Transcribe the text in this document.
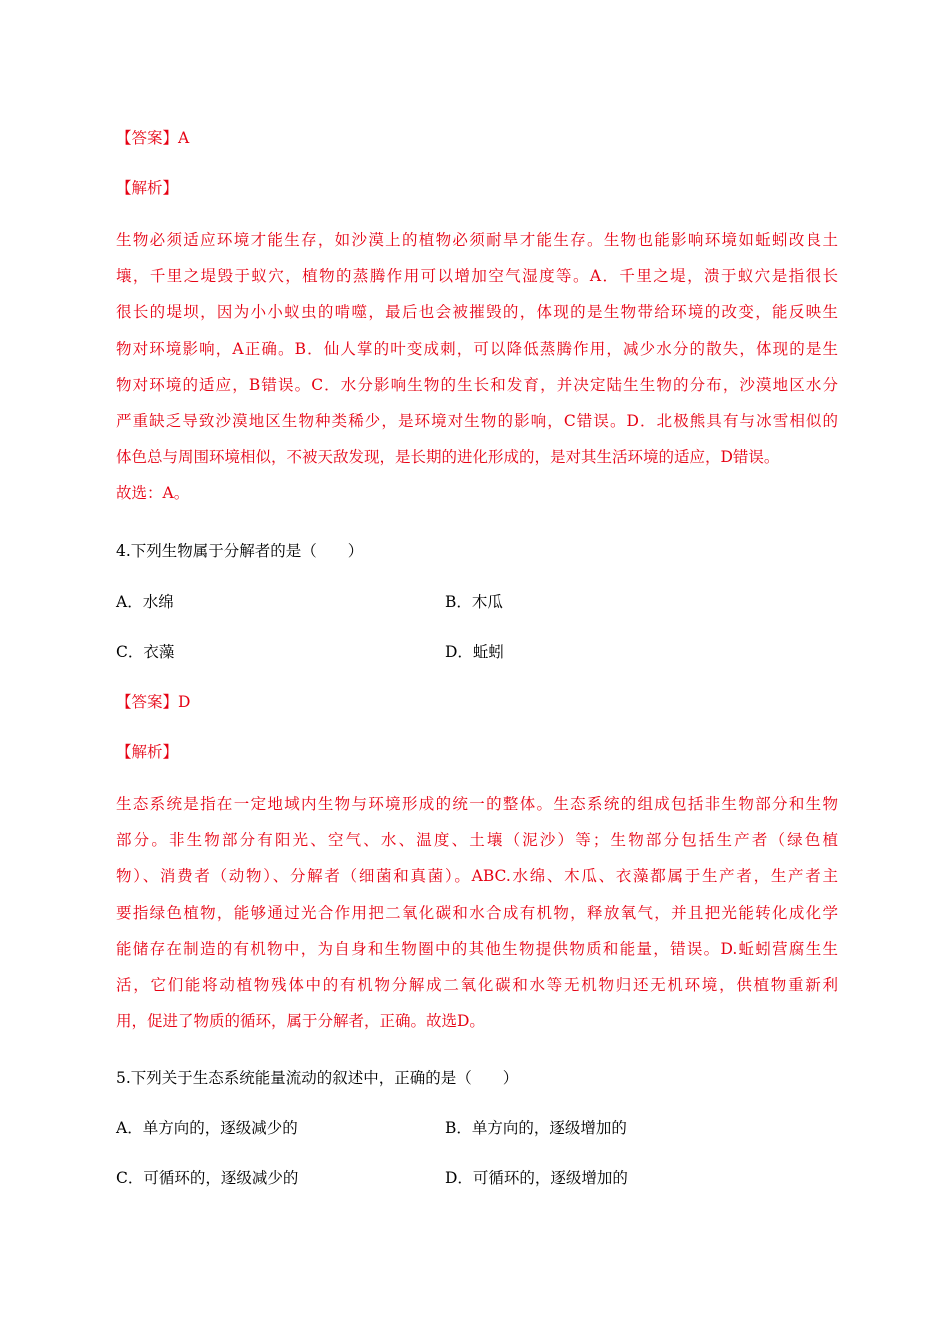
【答案】A
【解析】
生物必须适应环境才能生存，如沙漠上的植物必须耐旱才能生存。生物也能影响环境如蚯蚓改良土
壤，千里之堤毁于蚁穴，植物的蒸腾作用可以增加空气湿度等。A．千里之堤，溃于蚁穴是指很长
很长的堤坝，因为小小蚁虫的啃噬，最后也会被摧毁的，体现的是生物带给环境的改变，能反映生
物对环境影响，A正确。B．仙人掌的叶变成刺，可以降低蒸腾作用，减少水分的散失，体现的是生
物对环境的适应，B错误。C．水分影响生物的生长和发育，并决定陆生生物的分布，沙漠地区水分
严重缺乏导致沙漠地区生物种类稀少，是环境对生物的影响，C错误。D．北极熊具有与冰雪相似的
体色总与周围环境相似，不被天敌发现，是长期的进化形成的，是对其生活环境的适应，D错误。
故选：A。
4.下列生物属于分解者的是（　　）
A．水绵	B．木瓜
C．衣藻	D．蚯蚓
【答案】D
【解析】
生态系统是指在一定地域内生物与环境形成的统一的整体。生态系统的组成包括非生物部分和生物
部分。非生物部分有阳光、空气、水、温度、土壤（泥沙）等；生物部分包括生产者（绿色植
物）、消费者（动物）、分解者（细菌和真菌）。ABC.水绵、木瓜、衣藻都属于生产者，生产者主
要指绿色植物，能够通过光合作用把二氧化碳和水合成有机物，释放氧气，并且把光能转化成化学
能储存在制造的有机物中，为自身和生物圈中的其他生物提供物质和能量，错误。D.蚯蚓营腐生生
活，它们能将动植物残体中的有机物分解成二氧化碳和水等无机物归还无机环境，供植物重新利
用，促进了物质的循环，属于分解者，正确。故选D。
5.下列关于生态系统能量流动的叙述中，正确的是（　　）
A．单方向的，逐级减少的	B．单方向的，逐级增加的
C．可循环的，逐级减少的	D．可循环的，逐级增加的
